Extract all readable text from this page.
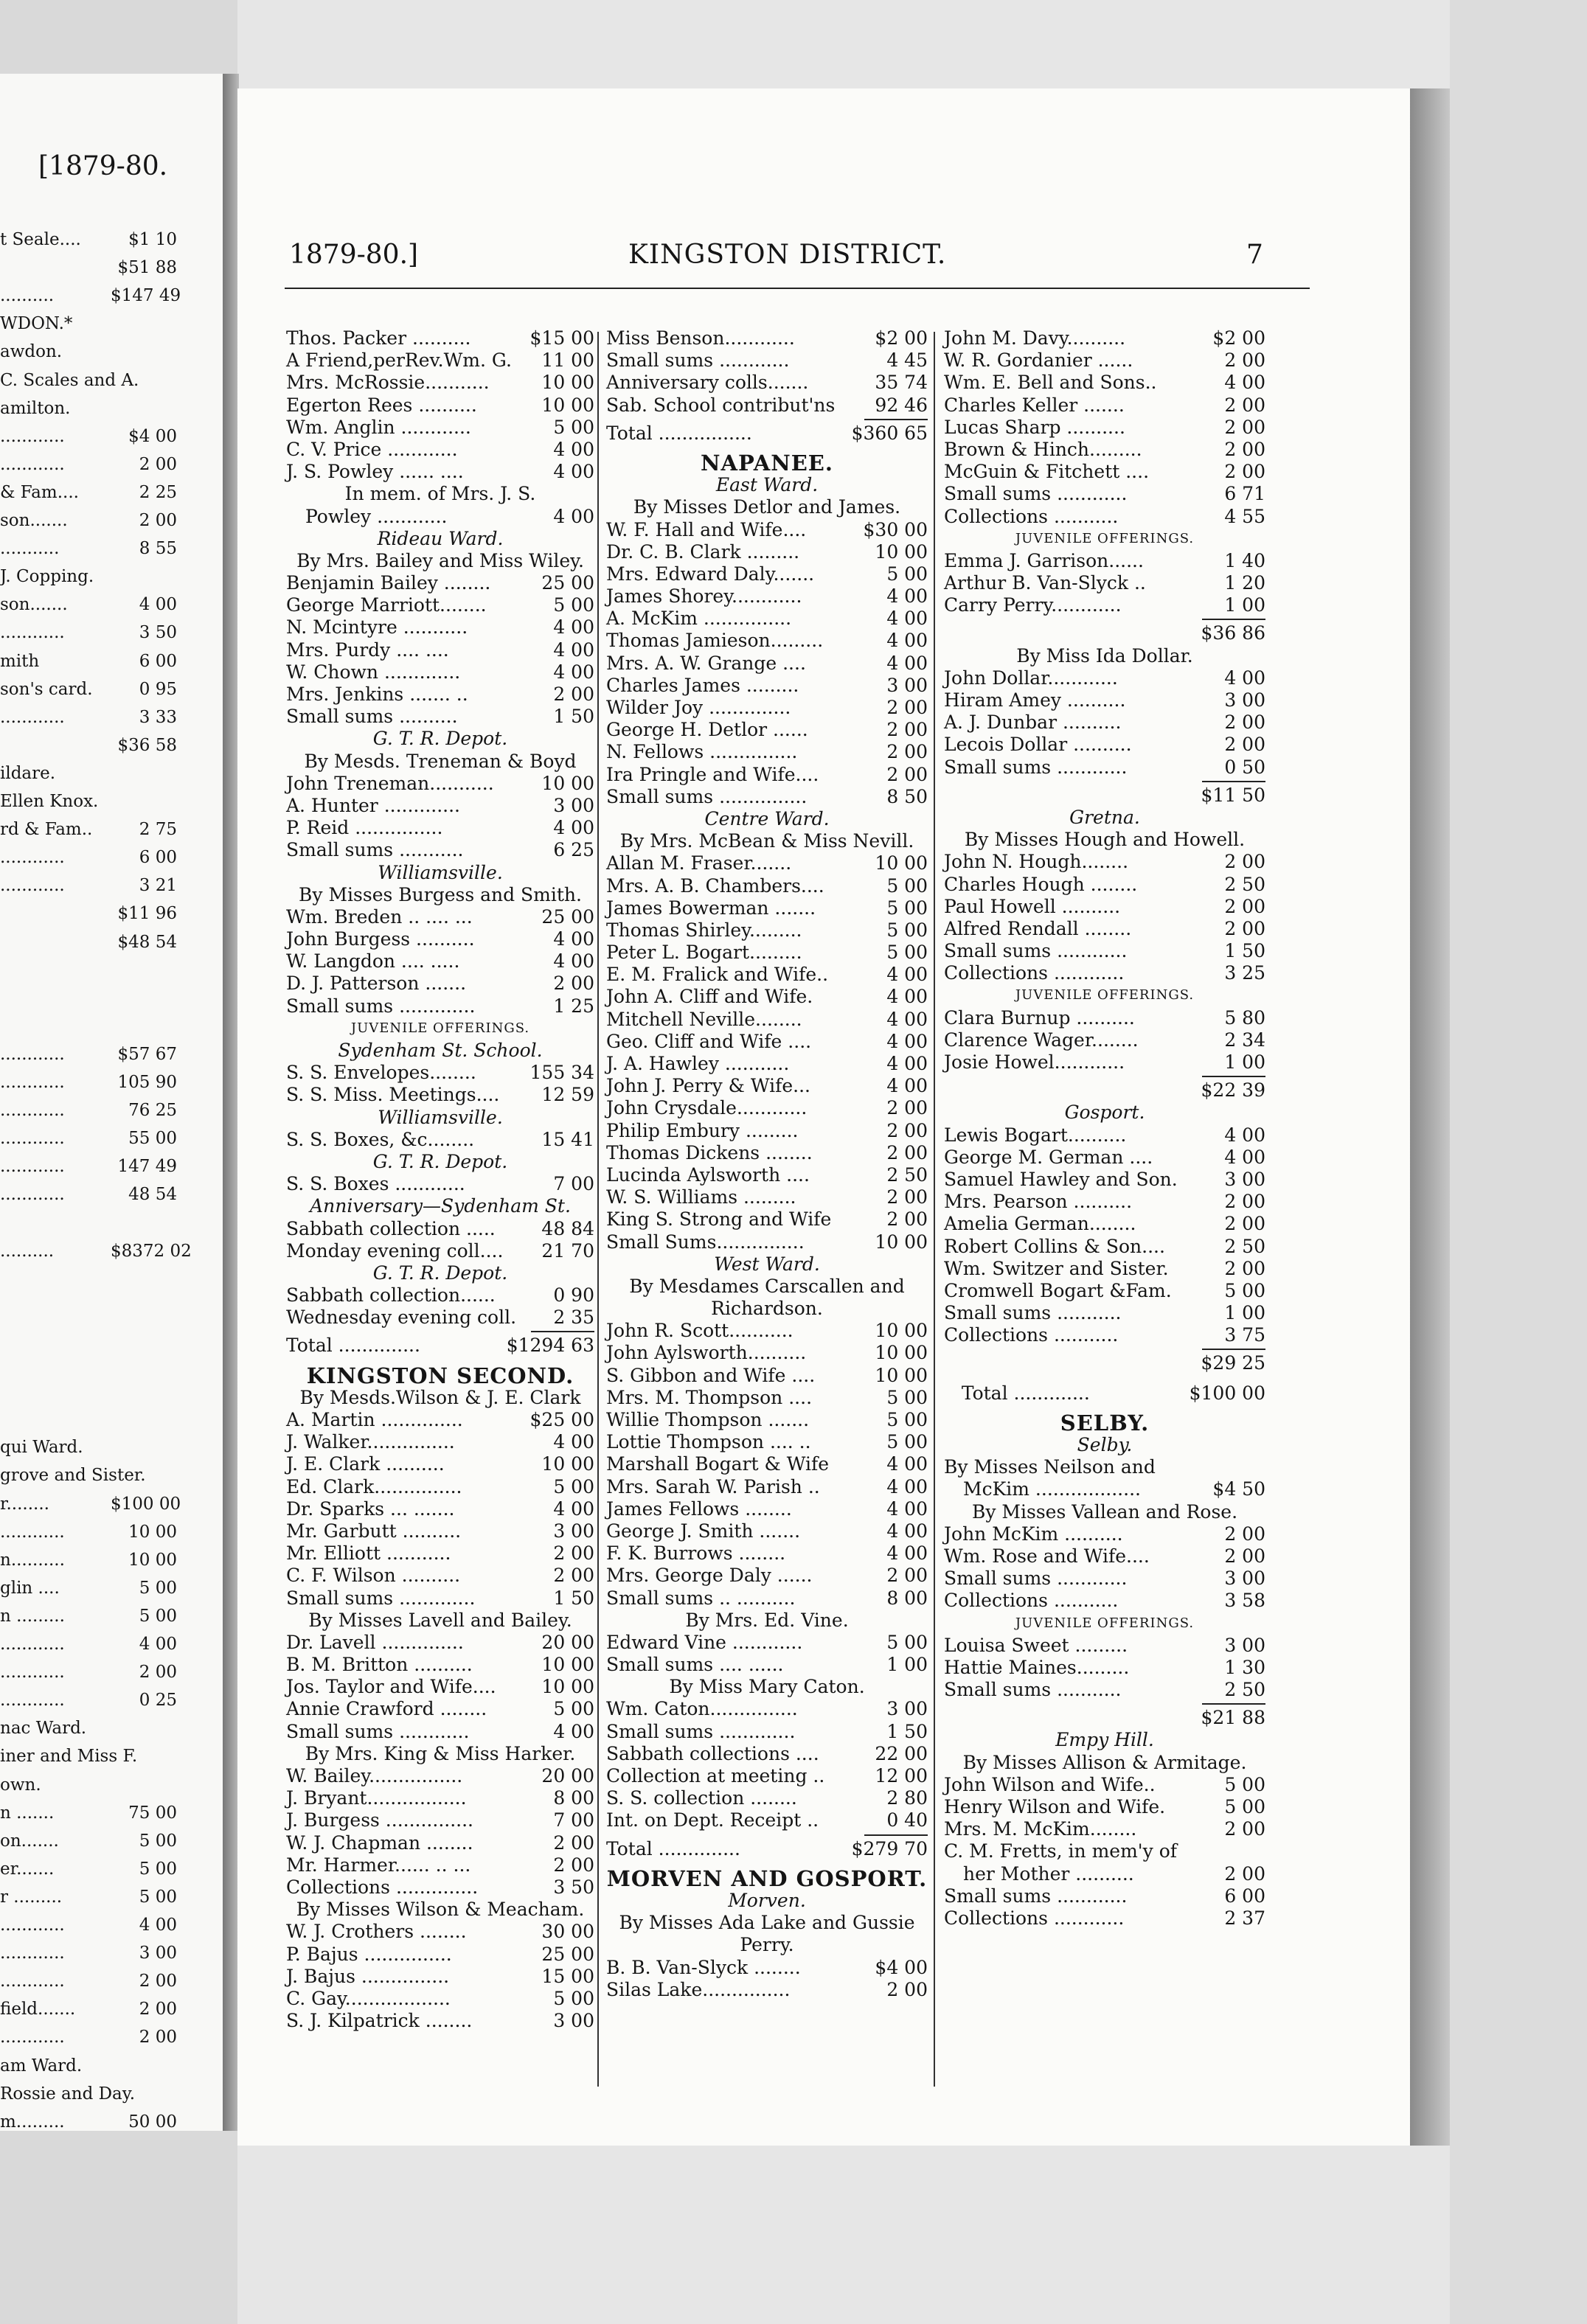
[1879-80.
t Seale....	$1 10
$51 88
..........	$147 49
WDON.*
awdon.
C. Scales and A.
amilton.
............	$4 00
............	2 00
& Fam....	2 25
son.......	2 00
...........	8 55
J. Copping.
son.......	4 00
............	3 50
mith	6 00
son's card.	0 95
............	3 33
$36 58
ildare.
Ellen Knox.
rd & Fam..	2 75
............	6 00
............	3 21
$11 96
$48 54
............	$57 67
............	105 90
............	76 25
............	55 00
............	147 49
............	48 54
..........	$8372 02
qui Ward.
grove and Sister.
r........	$100 00
............	10 00
n..........	10 00
glin ....	5 00
n .........	5 00
............	4 00
............	2 00
............	0 25
nac Ward.
iner and Miss F.
own.
n .......	75 00
on.......	5 00
er.......	5 00
r .........	5 00
............	4 00
............	3 00
............	2 00
field.......	2 00
............	2 00
am Ward.
Rossie and Day.
m.........	50 00
1879-80.]	KINGSTON DISTRICT.	7
Thos. Packer ..........	$15 00
A Friend,perRev.Wm. G. 11 00
Mrs. McRossie...........	10 00
Egerton Rees ..........	10 00
Wm. Anglin ............	5 00
C. V. Price ............	4 00
J. S. Powley ...... ....	4 00
In mem. of Mrs. J. S.
Powley ............	4 00
Rideau Ward.
By Mrs. Bailey and Miss Wiley.
Benjamin Bailey ........	25 00
George Marriott........	5 00
N. Mcintyre ...........	4 00
Mrs. Purdy .... ....	4 00
W. Chown .............	4 00
Mrs. Jenkins ....... ..	2 00
Small sums ..........	1 50
G. T. R. Depot.
By Mesds. Treneman & Boyd
John Treneman...........	10 00
A. Hunter .............	3 00
P. Reid ...............	4 00
Small sums ...........	6 25
Williamsville.
By Misses Burgess and Smith.
Wm. Breden .. .... ...	25 00
John Burgess ..........	4 00
W. Langdon .... .....	4 00
D. J. Patterson .......	2 00
Small sums .............	1 25
JUVENILE OFFERINGS.
Sydenham St. School.
S. S. Envelopes........	155 34
S. S. Miss. Meetings.... 12 59
Williamsville.
S. S. Boxes, &c........	15 41
G. T. R. Depot.
S. S. Boxes ............	7 00
Anniversary—Sydenham St.
Sabbath collection .....	48 84
Monday evening coll.... 21 70
G. T. R. Depot.
Sabbath collection......	0 90
Wednesday evening coll. 2 35
Total ..............	$1294 63
KINGSTON SECOND.
By Mesds.Wilson & J. E. Clark
A. Martin ..............	$25 00
J. Walker...............	4 00
J. E. Clark ..........	10 00
Ed. Clark...............	5 00
Dr. Sparks ... .......	4 00
Mr. Garbutt ..........	3 00
Mr. Elliott ...........	2 00
C. F. Wilson ..........	2 00
Small sums .............	1 50
By Misses Lavell and Bailey.
Dr. Lavell ..............	20 00
B. M. Britton ..........	10 00
Jos. Taylor and Wife.... 10 00
Annie Crawford ........	5 00
Small sums ............	4 00
By Mrs. King & Miss Harker.
W. Bailey................	20 00
J. Bryant.................	8 00
J. Burgess ...............	7 00
W. J. Chapman ........	2 00
Mr. Harmer...... .. ...	2 00
Collections ..............	3 50
By Misses Wilson & Meacham.
W. J. Crothers ........	30 00
P. Bajus ...............	25 00
J. Bajus ...............	15 00
C. Gay..................	5 00
S. J. Kilpatrick ........	3 00
Miss Benson............	$2 00
Small sums ............	4 45
Anniversary colls.......	35 74
Sab. School contribut'ns 92 46
Total ................	$360 65
NAPANEE.
East Ward.
By Misses Detlor and James.
W. F. Hall and Wife....	$30 00
Dr. C. B. Clark .........	10 00
Mrs. Edward Daly.......	5 00
James Shorey............	4 00
A. McKim ...............	4 00
Thomas Jamieson.........	4 00
Mrs. A. W. Grange ....	4 00
Charles James .........	3 00
Wilder Joy ..............	2 00
George H. Detlor ......	2 00
N. Fellows ...............	2 00
Ira Pringle and Wife....	2 00
Small sums ...............	8 50
Centre Ward.
By Mrs. McBean & Miss Nevill.
Allan M. Fraser.......	10 00
Mrs. A. B. Chambers....	5 00
James Bowerman .......	5 00
Thomas Shirley.........	5 00
Peter L. Bogart.........	5 00
E. M. Fralick and Wife..	4 00
John A. Cliff and Wife.	4 00
Mitchell Neville........	4 00
Geo. Cliff and Wife ....	4 00
J. A. Hawley ...........	4 00
John J. Perry & Wife...	4 00
John Crysdale............	2 00
Philip Embury .........	2 00
Thomas Dickens ........	2 00
Lucinda Aylsworth ....	2 50
W. S. Williams .........	2 00
King S. Strong and Wife	2 00
Small Sums...............	10 00
West Ward.
By Mesdames Carscallen and
Richardson.
John R. Scott...........	10 00
John Aylsworth..........	10 00
S. Gibbon and Wife ....	10 00
Mrs. M. Thompson ....	5 00
Willie Thompson .......	5 00
Lottie Thompson .... ..	5 00
Marshall Bogart & Wife	4 00
Mrs. Sarah W. Parish ..	4 00
James Fellows ........	4 00
George J. Smith .......	4 00
F. K. Burrows ........	4 00
Mrs. George Daly ......	2 00
Small sums .. ..........	8 00
By Mrs. Ed. Vine.
Edward Vine ............	5 00
Small sums .... ......	1 00
By Miss Mary Caton.
Wm. Caton...............	3 00
Small sums .............	1 50
Sabbath collections ....	22 00
Collection at meeting ..	12 00
S. S. collection ........	2 80
Int. on Dept. Receipt ..	0 40
Total ..............	$279 70
MORVEN AND GOSPORT.
Morven.
By Misses Ada Lake and Gussie
Perry.
B. B. Van-Slyck ........	$4 00
Silas Lake...............	2 00
John M. Davy..........	$2 00
W. R. Gordanier ......	2 00
Wm. E. Bell and Sons..	4 00
Charles Keller .......	2 00
Lucas Sharp ..........	2 00
Brown & Hinch.........	2 00
McGuin & Fitchett ....	2 00
Small sums ............	6 71
Collections ...........	4 55
JUVENILE OFFERINGS.
Emma J. Garrison......	1 40
Arthur B. Van-Slyck ..	1 20
Carry Perry............	1 00
$36 86
By Miss Ida Dollar.
John Dollar............	4 00
Hiram Amey ..........	3 00
A. J. Dunbar ..........	2 00
Lecois Dollar ..........	2 00
Small sums ............	0 50
$11 50
Gretna.
By Misses Hough and Howell.
John N. Hough........	2 00
Charles Hough ........	2 50
Paul Howell ..........	2 00
Alfred Rendall ........	2 00
Small sums ............	1 50
Collections ............	3 25
JUVENILE OFFERINGS.
Clara Burnup ..........	5 80
Clarence Wager........	2 34
Josie Howel............	1 00
$22 39
Gosport.
Lewis Bogart..........	4 00
George M. German ....	4 00
Samuel Hawley and Son.	3 00
Mrs. Pearson ..........	2 00
Amelia German........	2 00
Robert Collins & Son....	2 50
Wm. Switzer and Sister.	2 00
Cromwell Bogart &Fam.	5 00
Small sums ...........	1 00
Collections ...........	3 75
$29 25
Total .............	$100 00
SELBY.
Selby.
By Misses Neilson and
McKim ..................	$4 50
By Misses Vallean and Rose.
John McKim ..........	2 00
Wm. Rose and Wife....	2 00
Small sums ............	3 00
Collections ...........	3 58
JUVENILE OFFERINGS.
Louisa Sweet .........	3 00
Hattie Maines.........	1 30
Small sums ...........	2 50
$21 88
Empy Hill.
By Misses Allison & Armitage.
John Wilson and Wife..	5 00
Henry Wilson and Wife.	5 00
Mrs. M. McKim........	2 00
C. M. Fretts, in mem'y of
her Mother ..........	2 00
Small sums ............	6 00
Collections ............	2 37
